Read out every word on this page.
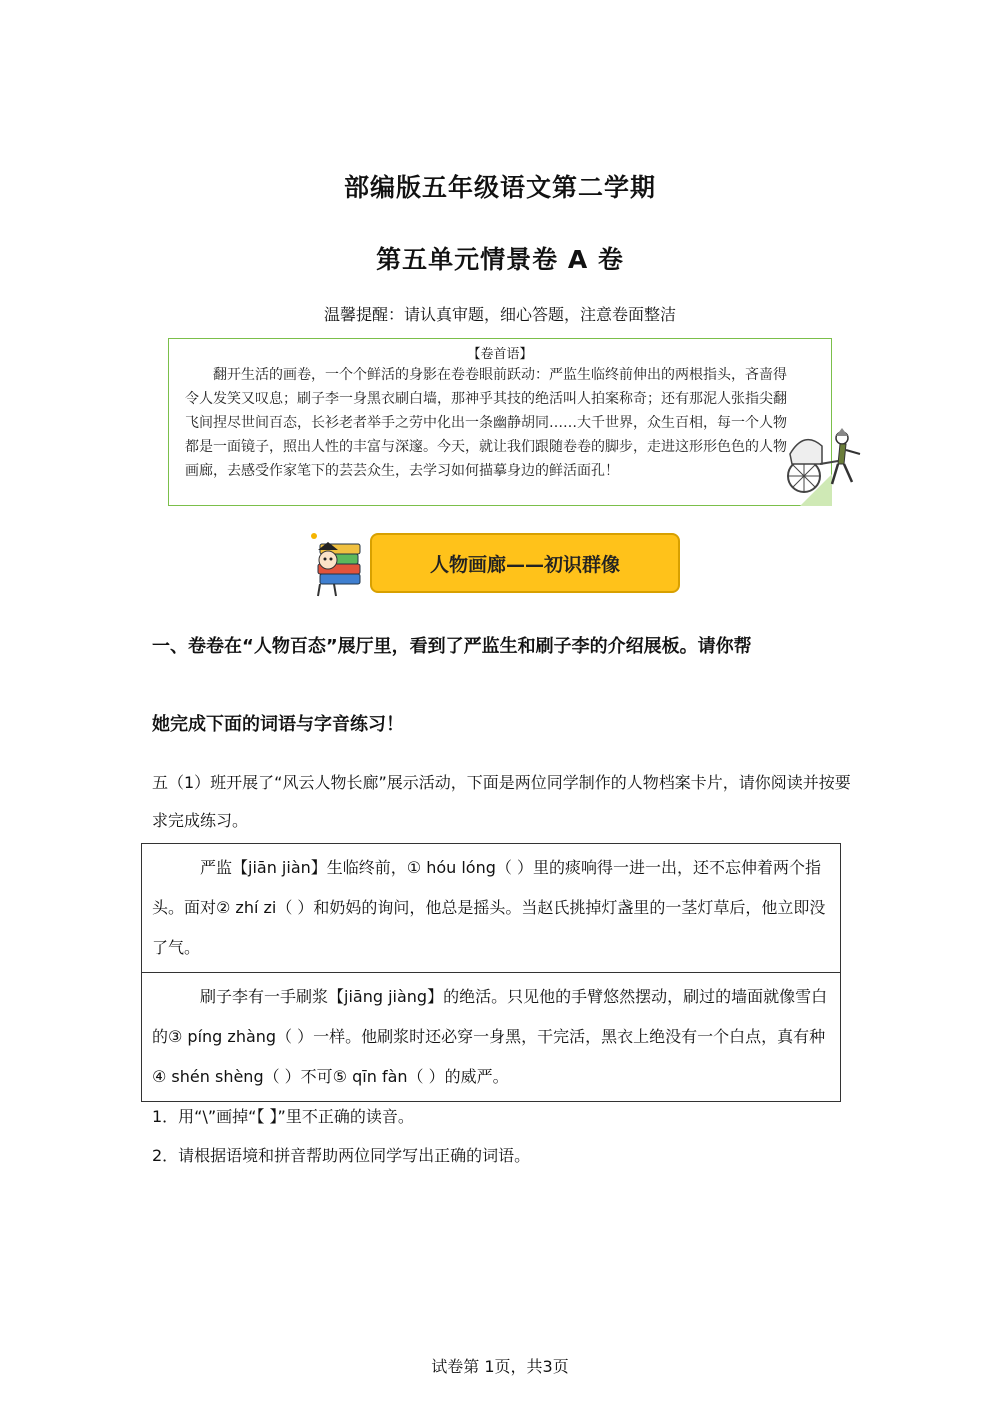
部编版五年级语文第二学期
第五单元情景卷 A 卷
温馨提醒：请认真审题，细心答题，注意卷面整洁
【卷首语】
翻开生活的画卷，一个个鲜活的身影在卷卷眼前跃动：严监生临终前伸出的两根指头，吝啬得令人发笑又叹息；刷子李一身黑衣刷白墙，那神乎其技的绝活叫人拍案称奇；还有那泥人张指尖翻飞间捏尽世间百态，长衫老者举手之劳中化出一条幽静胡同……大千世界，众生百相，每一个人物都是一面镜子，照出人性的丰富与深邃。今天，就让我们跟随卷卷的脚步，走进这形形色色的人物画廊，去感受作家笔下的芸芸众生，去学习如何描摹身边的鲜活面孔！
人物画廊——初识群像
一、卷卷在“人物百态”展厅里，看到了严监生和刷子李的介绍展板。请你帮
她完成下面的词语与字音练习！
五（1）班开展了“风云人物长廊”展示活动，下面是两位同学制作的人物档案卡片，请你阅读并按要求完成练习。
严监【jiān jiàn】生临终前，① hóu lóng（ ）里的痰响得一进一出，还不忘伸着两个指头。面对② zhí zi（ ）和奶妈的询问，他总是摇头。当赵氏挑掉灯盏里的一茎灯草后，他立即没了气。
刷子李有一手刷浆【jiāng jiàng】的绝活。只见他的手臂悠然摆动，刷过的墙面就像雪白的③ píng zhàng（ ）一样。他刷浆时还必穿一身黑，干完活，黑衣上绝没有一个白点，真有种④ shén shèng（ ）不可⑤ qīn fàn（ ）的威严。
1．用“\”画掉“【 】”里不正确的读音。
2．请根据语境和拼音帮助两位同学写出正确的词语。
试卷第 1页，共3页
